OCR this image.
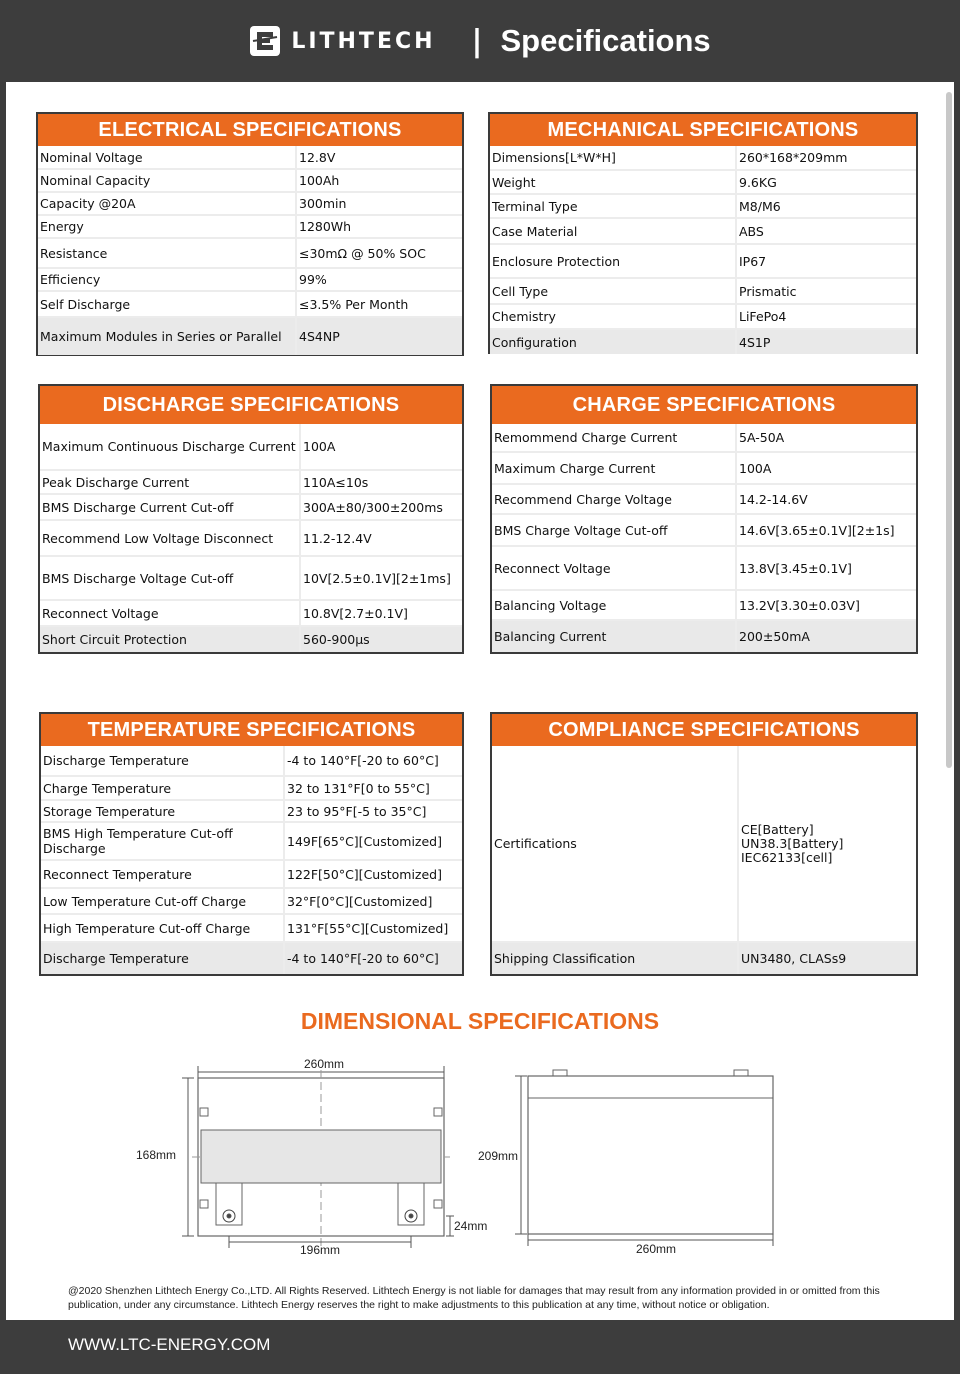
LITHTECH | Specifications
ELECTRICAL SPECIFICATIONS
Nominal Voltage	12.8V
Nominal Capacity	100Ah
Capacity @20A	300min
Energy	1280Wh
Resistance	≤30mΩ @ 50% SOC
Efficiency	99%
Self Discharge	≤3.5% Per Month
Maximum Modules in Series or Parallel	4S4NP
MECHANICAL SPECIFICATIONS
Dimensions[L*W*H]	260*168*209mm
Weight	9.6KG
Terminal Type	M8/M6
Case Material	ABS
Enclosure Protection	IP67
Cell Type	Prismatic
Chemistry	LiFePo4
Configuration	4S1P
DISCHARGE SPECIFICATIONS
Maximum Continuous Discharge Current	100A
Peak Discharge Current	110A≤10s
BMS Discharge Current Cut-off	300A±80/300±200ms
Recommend Low Voltage Disconnect	11.2-12.4V
BMS Discharge Voltage Cut-off	10V[2.5±0.1V][2±1ms]
Reconnect Voltage	10.8V[2.7±0.1V]
Short Circuit Protection	560-900μs
CHARGE SPECIFICATIONS
Remommend Charge Current	5A-50A
Maximum Charge Current	100A
Recommend Charge Voltage	14.2-14.6V
BMS Charge Voltage Cut-off	14.6V[3.65±0.1V][2±1s]
Reconnect Voltage	13.8V[3.45±0.1V]
Balancing Voltage	13.2V[3.30±0.03V]
Balancing Current	200±50mA
TEMPERATURE SPECIFICATIONS
Discharge Temperature	-4 to 140°F[-20 to 60°C]
Charge Temperature	32 to 131°F[0 to 55°C]
Storage Temperature	23 to 95°F[-5 to 35°C]
BMS High Temperature Cut-off Discharge	149F[65°C][Customized]
Reconnect Temperature	122F[50°C][Customized]
Low Temperature Cut-off Charge	32°F[0°C][Customized]
High Temperature Cut-off Charge	131°F[55°C][Customized]
Discharge Temperature	-4 to 140°F[-20 to 60°C]
COMPLIANCE SPECIFICATIONS
Certifications	CE[Battery]
UN38.3[Battery]
IEC62133[cell]

Shipping Classification	UN3480, CLASs9
DIMENSIONAL SPECIFICATIONS
260mm
168mm
196mm
24mm
209mm
260mm
@2020 Shenzhen Lithtech Energy Co.,LTD. All Rights Reserved. Lithtech Energy is not liable for damages that may result from any information provided in or omitted from this publication, under any circumstance. Lithtech Energy reserves the right to make adjustments to this publication at any time, without notice or obligation.
WWW.LTC-ENERGY.COM
